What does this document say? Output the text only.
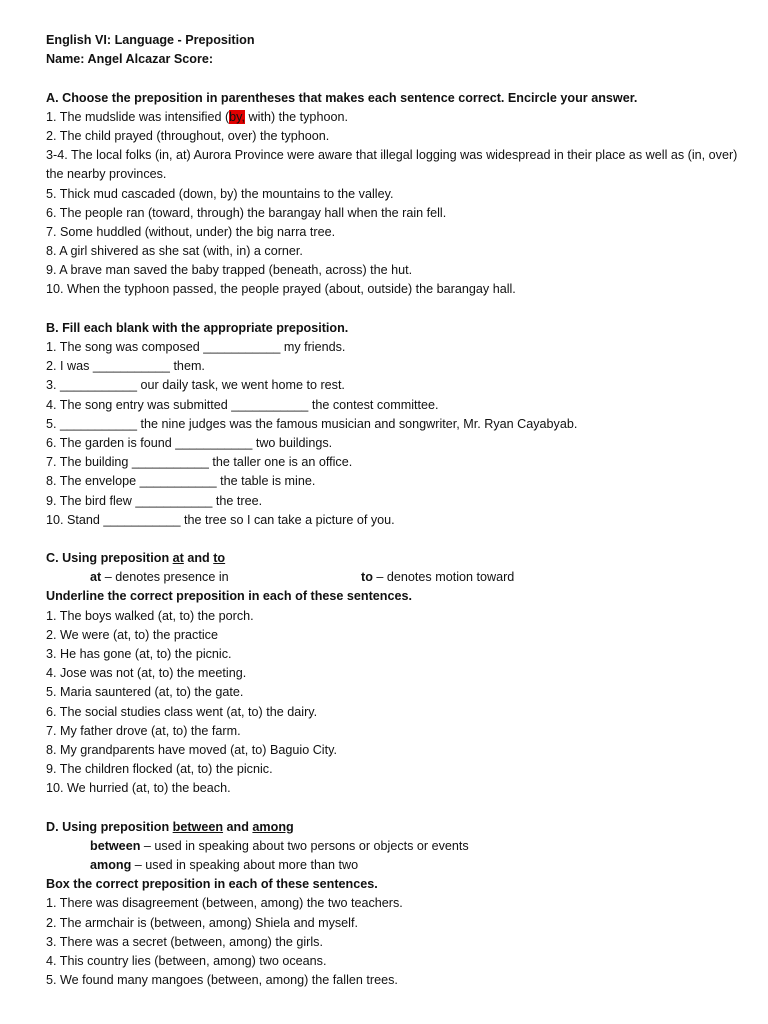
English VI: Language - Preposition
Name: Angel Alcazar Score:
A. Choose the preposition in parentheses that makes each sentence correct. Encircle your answer.
1. The mudslide was intensified (by, with) the typhoon.
2. The child prayed (throughout, over) the typhoon.
3-4. The local folks (in, at) Aurora Province were aware that illegal logging was widespread in their place as well as (in, over) the nearby provinces.
5. Thick mud cascaded (down, by) the mountains to the valley.
6. The people ran (toward, through) the barangay hall when the rain fell.
7. Some huddled (without, under) the big narra tree.
8. A girl shivered as she sat (with, in) a corner.
9. A brave man saved the baby trapped (beneath, across) the hut.
10. When the typhoon passed, the people prayed (about, outside) the barangay hall.
B. Fill each blank with the appropriate preposition.
1. The song was composed ___________ my friends.
2. I was ___________ them.
3. ___________ our daily task, we went home to rest.
4. The song entry was submitted ___________ the contest committee.
5. ___________ the nine judges was the famous musician and songwriter, Mr. Ryan Cayabyab.
6. The garden is found ___________ two buildings.
7. The building ___________ the taller one is an office.
8. The envelope ___________ the table is mine.
9. The bird flew ___________ the tree.
10. Stand ___________ the tree so I can take a picture of you.
C. Using preposition at and to
at – denotes presence in	to – denotes motion toward
Underline the correct preposition in each of these sentences.
1. The boys walked (at, to) the porch.
2. We were (at, to) the practice
3. He has gone (at, to) the picnic.
4. Jose was not (at, to) the meeting.
5. Maria sauntered (at, to) the gate.
6. The social studies class went (at, to) the dairy.
7. My father drove (at, to) the farm.
8. My grandparents have moved (at, to) Baguio City.
9. The children flocked (at, to) the picnic.
10. We hurried (at, to) the beach.
D. Using preposition between and among
between – used in speaking about two persons or objects or events
among – used in speaking about more than two
Box the correct preposition in each of these sentences.
1. There was disagreement (between, among) the two teachers.
2. The armchair is (between, among) Shiela and myself.
3. There was a secret (between, among) the girls.
4. This country lies (between, among) two oceans.
5. We found many mangoes (between, among) the fallen trees.
